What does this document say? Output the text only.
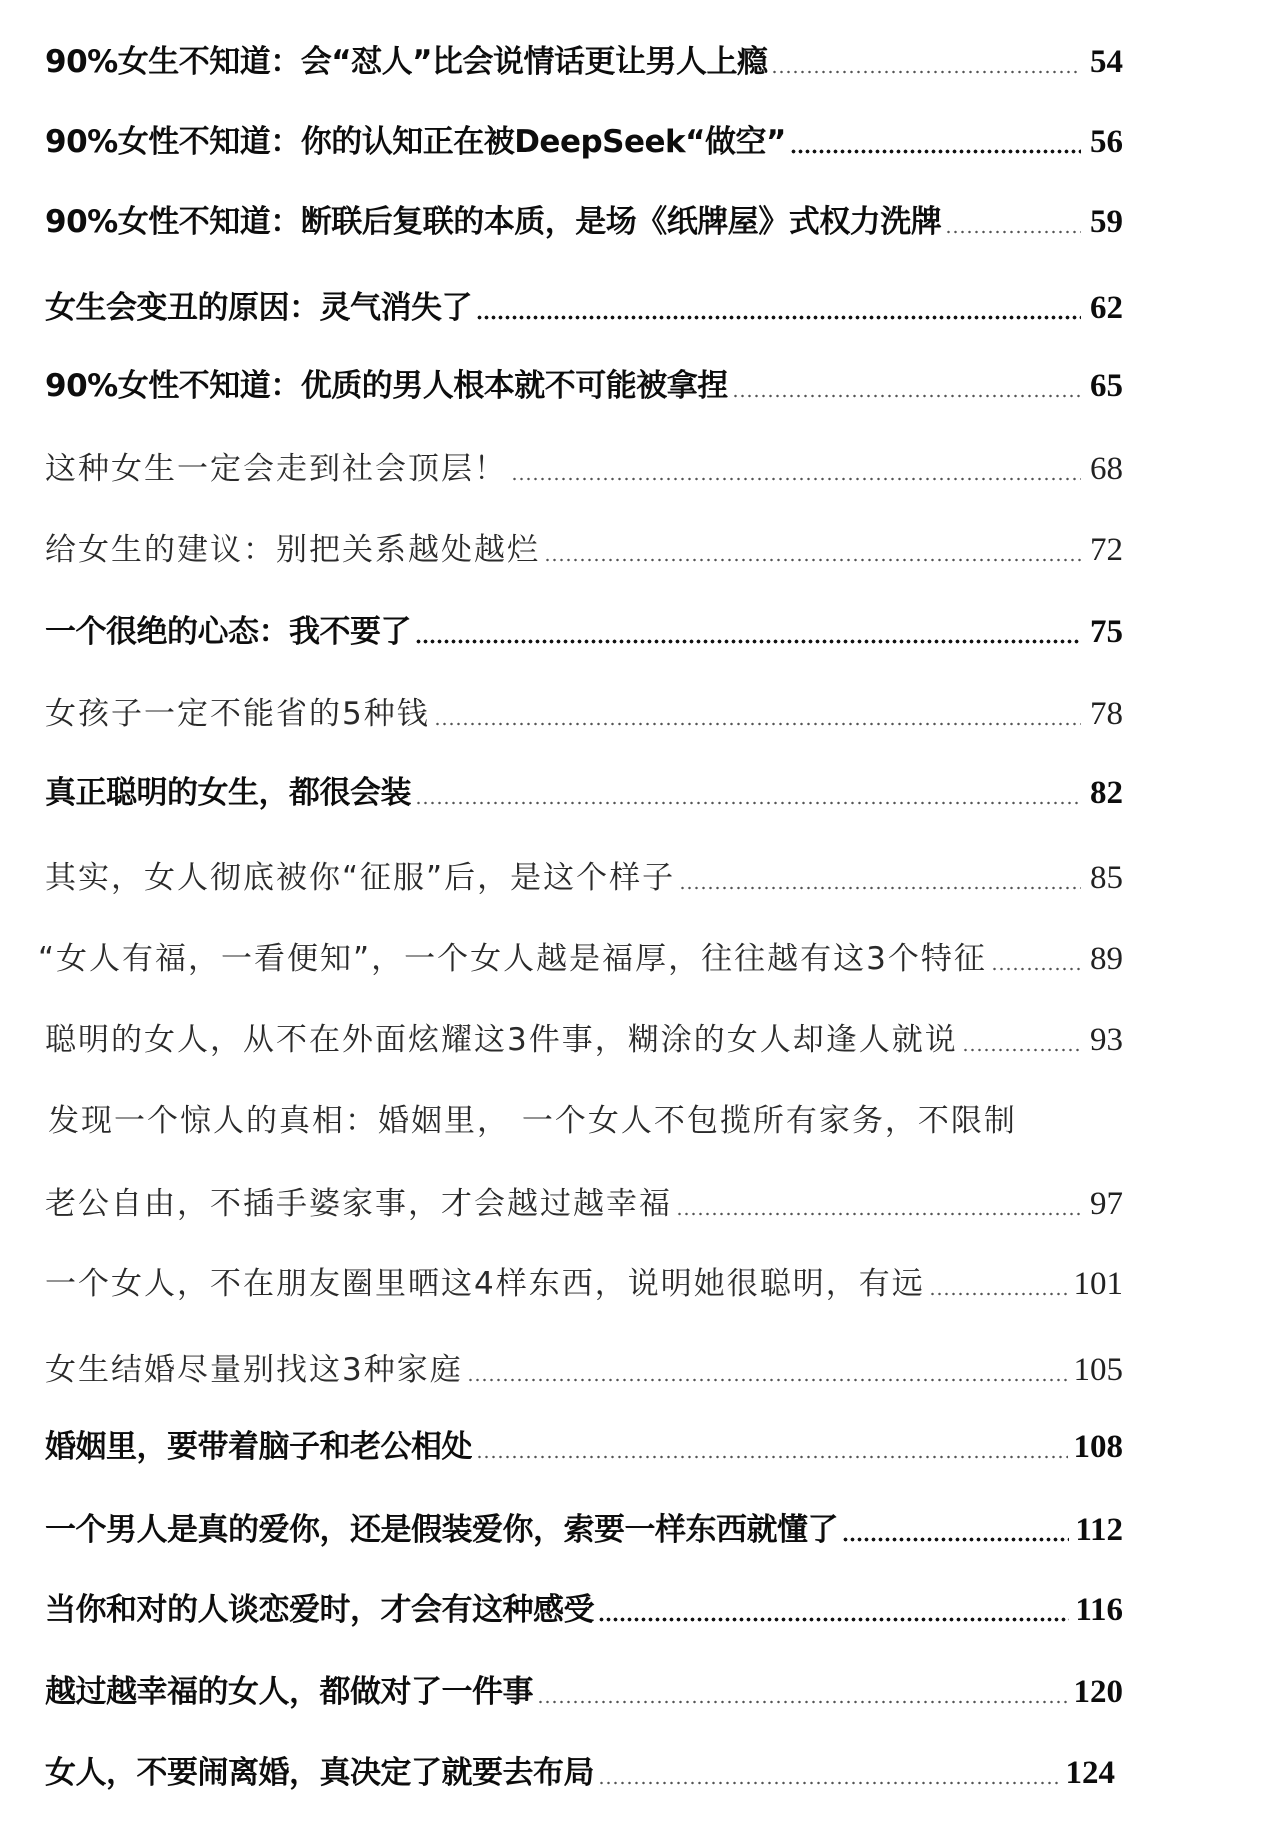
90%女生不知道：会“怼人”比会说情话更让男人上瘾	54
90%女性不知道：你的认知正在被DeepSeek“做空”	56
90%女性不知道：断联后复联的本质，是场《纸牌屋》式权力洗牌	59
女生会变丑的原因：灵气消失了	62
90%女性不知道：优质的男人根本就不可能被拿捏	65
这种女生一定会走到社会顶层！	68
给女生的建议：别把关系越处越烂	72
一个很绝的心态：我不要了	75
女孩子一定不能省的5种钱	78
真正聪明的女生，都很会装	82
其实，女人彻底被你“征服”后，是这个样子	85
“女人有福，一看便知”，一个女人越是福厚，往往越有这3个特征	89
聪明的女人，从不在外面炫耀这3件事，糊涂的女人却逢人就说	93
发现一个惊人的真相：婚姻里， 一个女人不包揽所有家务，不限制
老公自由，不插手婆家事，才会越过越幸福	97
一个女人，不在朋友圈里晒这4样东西，说明她很聪明，有远	101
女生结婚尽量别找这3种家庭	105
婚姻里，要带着脑子和老公相处	108
一个男人是真的爱你，还是假装爱你，索要一样东西就懂了	112
当你和对的人谈恋爱时，才会有这种感受	116
越过越幸福的女人，都做对了一件事	120
女人，不要闹离婚，真决定了就要去布局	124
